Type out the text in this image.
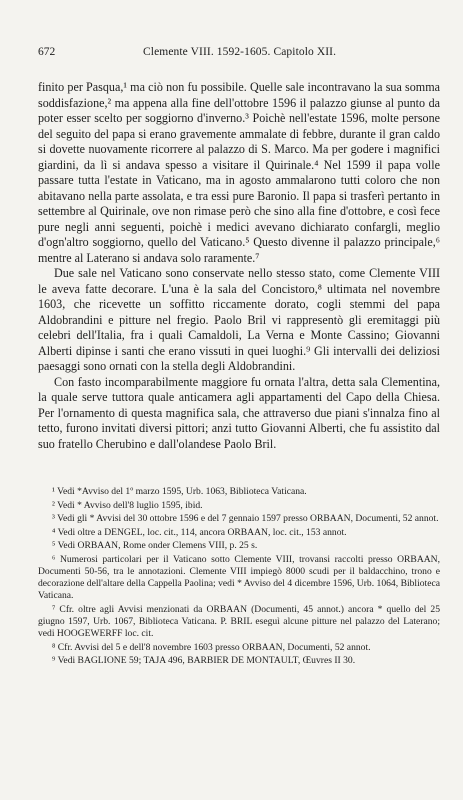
672	Clemente VIII. 1592-1605. Capitolo XII.

finito per Pasqua,¹ ma ciò non fu possibile. Quelle sale incontravano la sua somma soddisfazione,² ma appena alla fine dell'ottobre 1596 il palazzo giunse al punto da poter esser scelto per soggiorno d'inverno.³ Poichè nell'estate 1596, molte persone del seguito del papa si erano gravemente ammalate di febbre, durante il gran caldo si dovette nuovamente ricorrere al palazzo di S. Marco. Ma per godere i magnifici giardini, da lì si andava spesso a visitare il Quirinale.⁴ Nel 1599 il papa volle passare tutta l'estate in Vaticano, ma in agosto ammalarono tutti coloro che non abitavano nella parte assolata, e tra essi pure Baronio. Il papa si trasferì pertanto in settembre al Quirinale, ove non rimase però che sino alla fine d'ottobre, e così fece pure negli anni seguenti, poichè i medici avevano dichiarato confargli, meglio d'ogn'altro soggiorno, quello del Vaticano.⁵ Questo divenne il palazzo principale,⁶ mentre al Laterano si andava solo raramente.⁷

Due sale nel Vaticano sono conservate nello stesso stato, come Clemente VIII le aveva fatte decorare. L'una è la sala del Concistoro,⁸ ultimata nel novembre 1603, che ricevette un soffitto riccamente dorato, cogli stemmi del papa Aldobrandini e pitture nel fregio. Paolo Bril vi rappresentò gli eremitaggi più celebri dell'Italia, fra i quali Camaldoli, La Verna e Monte Cassino; Giovanni Alberti dipinse i santi che erano vissuti in quei luoghi.⁹ Gli intervalli dei deliziosi paesaggi sono ornati con la stella degli Aldobrandini.

Con fasto incomparabilmente maggiore fu ornata l'altra, detta sala Clementina, la quale serve tuttora quale anticamera agli appartamenti del Capo della Chiesa. Per l'ornamento di questa magnifica sala, che attraverso due piani s'innalza fino al tetto, furono invitati diversi pittori; anzi tutto Giovanni Alberti, che fu assistito dal suo fratello Cherubino e dall'olandese Paolo Bril.

¹ Vedi *Avviso del 1º marzo 1595, Urb. 1063, Biblioteca Vaticana.

² Vedi * Avviso dell'8 luglio 1595, ibid.

³ Vedi gli * Avvisi del 30 ottobre 1596 e del 7 gennaio 1597 presso ORBAAN, Documenti, 52 annot.

⁴ Vedi oltre a DENGEL, loc. cit., 114, ancora ORBAAN, loc. cit., 153 annot.

⁵ Vedi ORBAAN, Rome onder Clemens VIII, p. 25 s.

⁶ Numerosi particolari per il Vaticano sotto Clemente VIII, trovansi raccolti presso ORBAAN, Documenti 50-56, tra le annotazioni. Clemente VIII impiegò 8000 scudi per il baldacchino, trono e decorazione dell'altare della Cappella Paolina; vedi * Avviso del 4 dicembre 1596, Urb. 1064, Biblioteca Vaticana.

⁷ Cfr. oltre agli Avvisi menzionati da ORBAAN (Documenti, 45 annot.) ancora * quello del 25 giugno 1597, Urb. 1067, Biblioteca Vaticana. P. BRIL eseguì alcune pitture nel palazzo del Laterano; vedi HOOGEWERFF loc. cit.

⁸ Cfr. Avvisi del 5 e dell'8 novembre 1603 presso ORBAAN, Documenti, 52 annot.

⁹ Vedi BAGLIONE 59; TAJA 496, BARBIER DE MONTAULT, Œuvres II 30.
